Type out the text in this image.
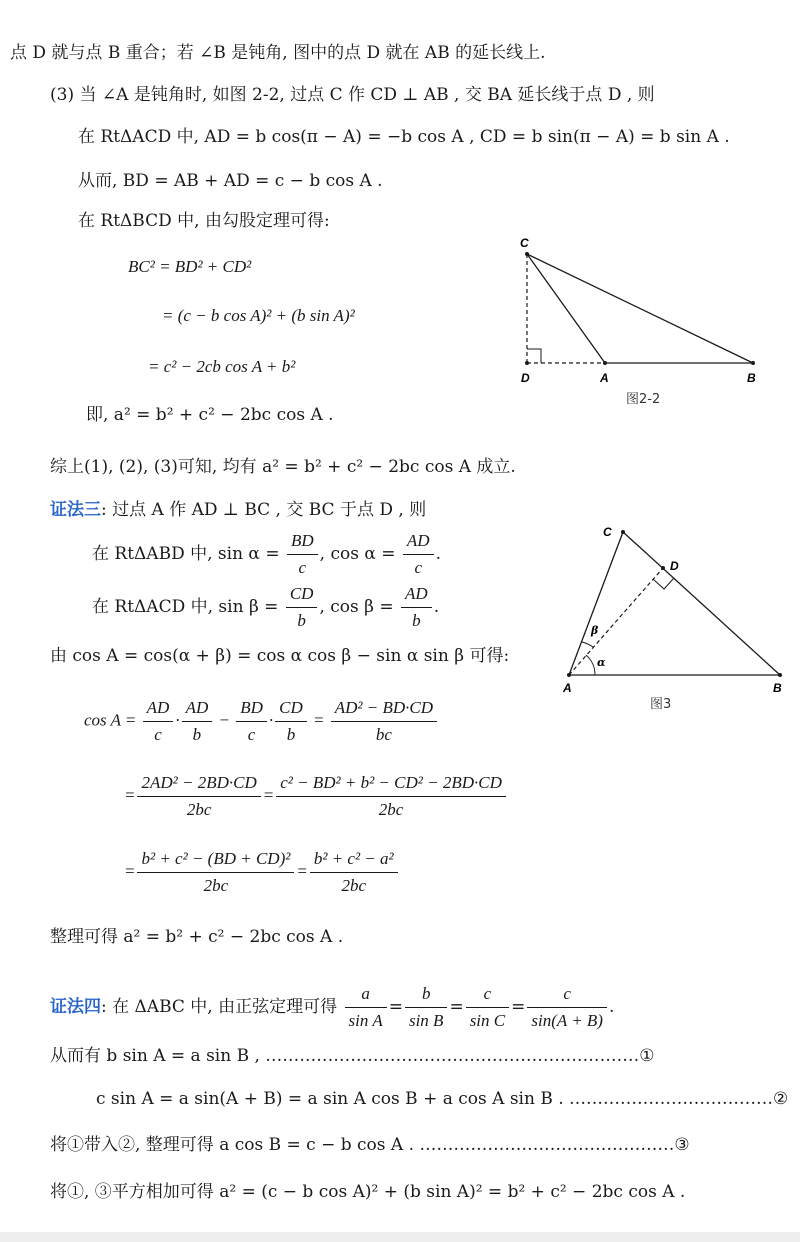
点 D 就与点 B 重合；若 ∠B 是钝角, 图中的点 D 就在 AB 的延长线上.
(3) 当 ∠A 是钝角时, 如图 2-2, 过点 C 作 CD ⊥ AB , 交 BA 延长线于点 D , 则
在 RtΔACD 中, AD = b cos(π − A) = −b cos A , CD = b sin(π − A) = b sin A .
从而, BD = AB + AD = c − b cos A .
在 RtΔBCD 中, 由勾股定理可得:
BC² = BD² + CD²
= (c − b cos A)² + (b sin A)²
= c² − 2cb cos A + b²
即, a² = b² + c² − 2bc cos A .
综上(1), (2), (3)可知, 均有 a² = b² + c² − 2bc cos A 成立.
C
D	A	B
图2-2
证法三: 过点 A 作 AD ⊥ BC , 交 BC 于点 D , 则
在 RtΔABD 中, $\sin \alpha = \frac{BD}{c}$ , $\cos \alpha = \frac{AD}{c}$ .
在 RtΔACD 中, $\sin \beta = \frac{CD}{b}$ , $\cos \beta = \frac{AD}{b}$ .
由 cos A = cos(α + β) = cos α cos β − sin α sin β 可得:
C
D
A	B
α
β
图3
$\cos A = \frac{AD}{c} \cdot \frac{AD}{b} - \frac{BD}{c} \cdot \frac{CD}{b} = \frac{\text{AD² − BD·CD}}{bc}$
= $\frac{\text{2AD² − 2BD·CD}}{2bc} = \frac{\text{c² − BD² + b² − CD² − 2BD·CD}}{2bc}$
= $\frac{\text{b² + c² − (BD + CD)²}}{2bc} = \frac{\text{b² + c² − a²}}{2bc}$
整理可得 a² = b² + c² − 2bc cos A .
证法四: 在 ΔABC 中, 由正弦定理可得 $\frac{a}{\text{sin A}} = \frac{b}{\text{sin B}} = \frac{c}{\text{sin C}} = \frac{c}{\sin(A + B)}$ .
从而有 b sin A = a sin B , …………………………………………………………①
c sin A = a sin(A + B) = a sin A cos B + a cos A sin B . ………………………………②
将①带入②, 整理可得 a cos B = c − b cos A . ………………………………………③
将①, ③平方相加可得 a² = (c − b cos A)² + (b sin A)² = b² + c² − 2bc cos A .
